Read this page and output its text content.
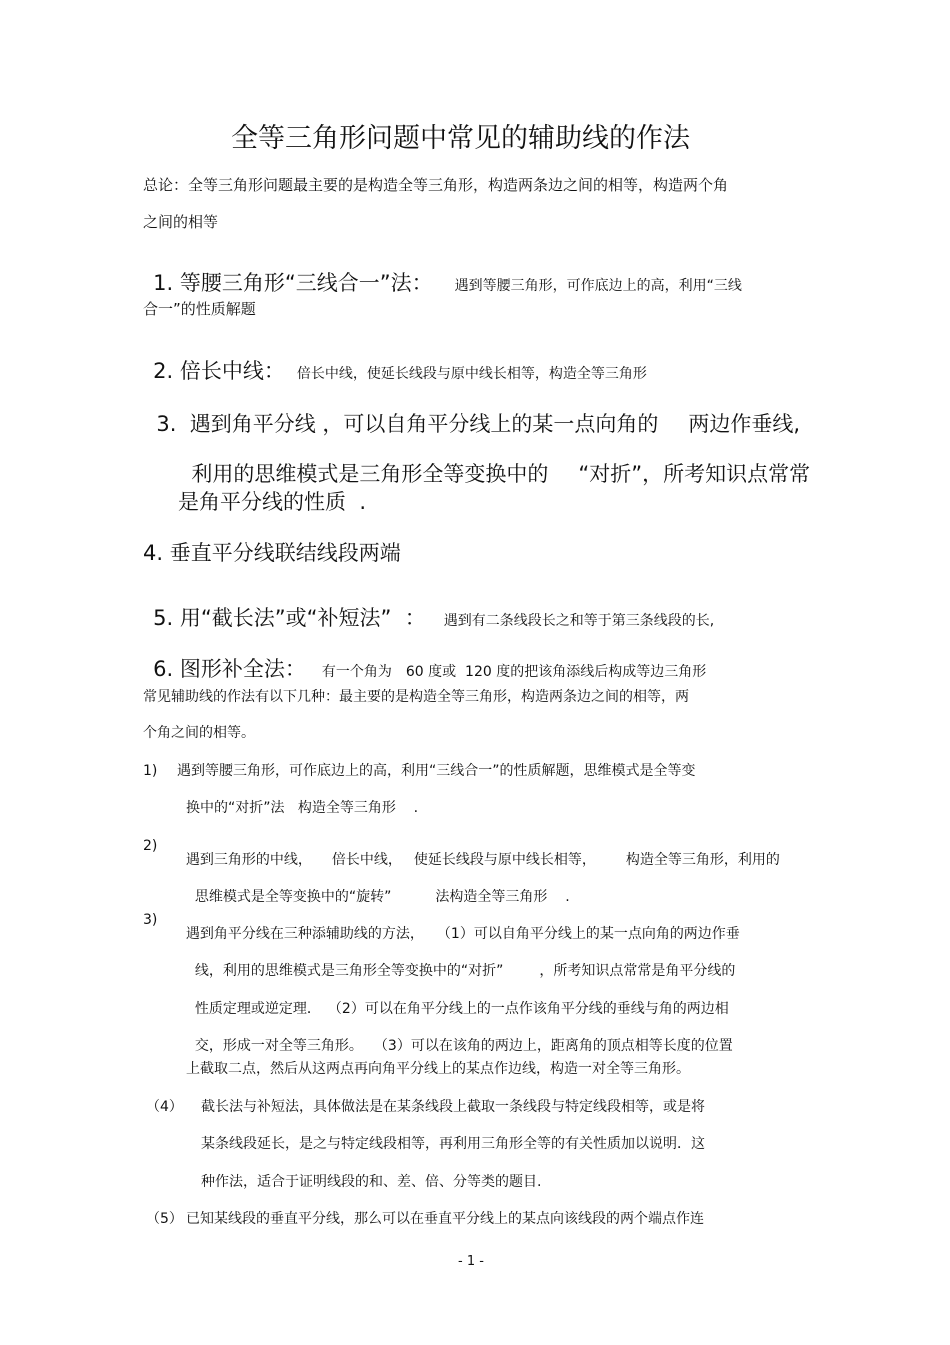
全等三角形问题中常见的辅助线的作法
总论：全等三角形问题最主要的是构造全等三角形，构造两条边之间的相等，构造两个角
之间的相等

1. 等腰三角形“三线合一”法： 遇到等腰三角形，可作底边上的高，利用“三线

合一”的性质解题

2. 倍长中线： 倍长中线，使延长线段与原中线长相等，构造全等三角形

3.  遇到角平分线 ，可以自角平分线上的某一点向角的 两边作垂线,

利用的思维模式是三角形全等变换中的 “对折”，所考知识点常常

是角平分线的性质  .
4. 垂直平分线联结线段两端

5. 用“截长法”或“补短法”  ： 遇到有二条线段长之和等于第三条线段的长,

6. 图形补全法： 有一个角为 60 度或  120 度的把该角添线后构成等边三角形

常见辅助线的作法有以下几种：最主要的是构造全等三角形，构造两条边之间的相等，两
个角之间的相等。
1) 遇到等腰三角形，可作底边上的高，利用“三线合一”的性质解题，思维模式是全等变
换中的“对折”法   构造全等三角形    .
2)

遇到三角形的中线， 倍长中线， 使延长线段与原中线长相等， 构造全等三角形，利用的

思维模式是全等变换中的“旋转”	法构造全等三角形    .

3)

遇到角平分线在三种添辅助线的方法， （1）可以自角平分线上的某一点向角的两边作垂

线，利用的思维模式是三角形全等变换中的“对折”	，所考知识点常常是角平分线的

性质定理或逆定理． （2）可以在角平分线上的一点作该角平分线的垂线与角的两边相

交，形成一对全等三角形。 （3）可以在该角的两边上，距离角的顶点相等长度的位置

上截取二点，然后从这两点再向角平分线上的某点作边线，构造一对全等三角形。
（4） 截长法与补短法，具体做法是在某条线段上截取一条线段与特定线段相等，或是将
某条线段延长，是之与特定线段相等，再利用三角形全等的有关性质加以说明．这
种作法，适合于证明线段的和、差、倍、分等类的题目.
（5） 已知某线段的垂直平分线，那么可以在垂直平分线上的某点向该线段的两个端点作连
- 1 -
